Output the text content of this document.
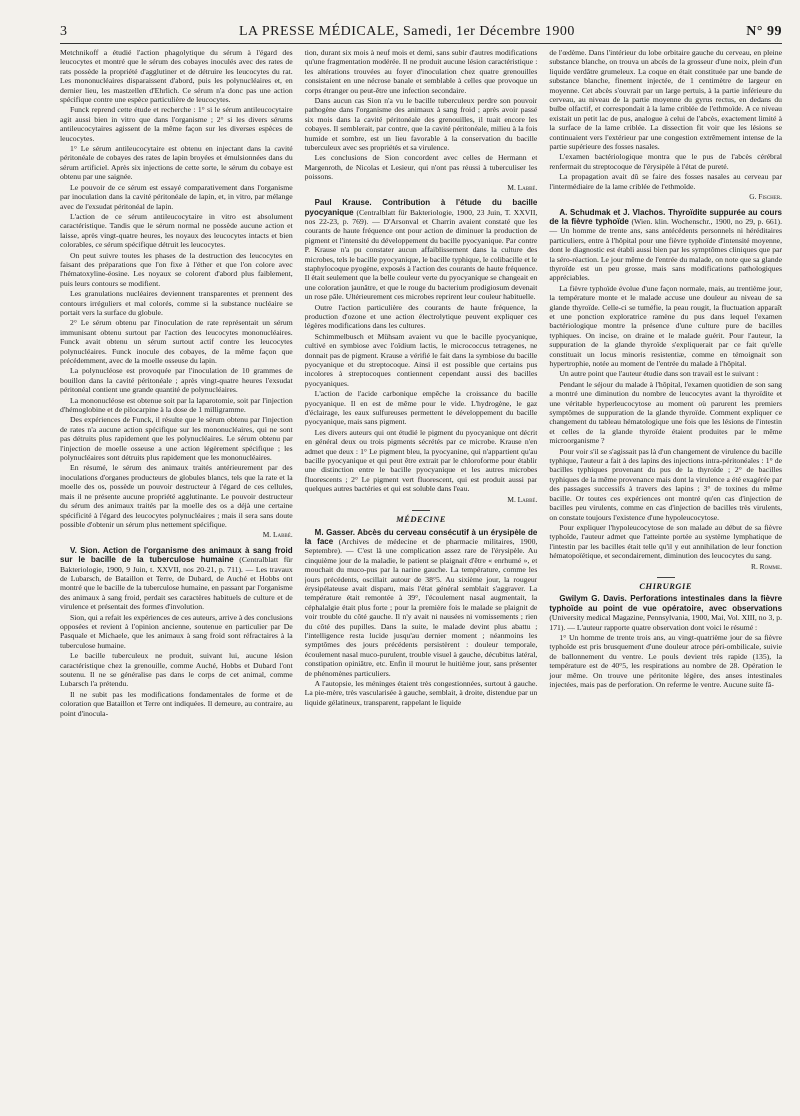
3	LA PRESSE MÉDICALE, Samedi, 1er Décembre 1900	N° 99

Metchnikoff a étudié l'action phagolytique du sérum à l'égard des leucocytes et montré que le sérum des cobayes inoculés avec des rates de rats possède la propriété d'agglutiner et de détruire les leucocytes du rat. Les mononucléaires disparaissent d'abord, puis les polynucléaires et, en dernier lieu, les mastzellen d'Ehrlich. Ce sérum n'a donc pas une action spécifique contre une espèce particulière de leucocytes.

Funck reprend cette étude et recherche : 1° si le sérum antileucocytaire agit aussi bien in vitro que dans l'organisme ; 2° si les divers sérums antileucocytaires agissent de la même façon sur les diverses espèces de leucocytes.

1° Le sérum antileucocytaire est obtenu en injectant dans la cavité péritonéale de cobayes des rates de lapin broyées et émulsionnées dans du sérum artificiel. Après six injections de cette sorte, le sérum du cobaye est obtenu par une saignée.

Le pouvoir de ce sérum est essayé comparativement dans l'organisme par inoculation dans la cavité péritonéale de lapin, et, in vitro, par mélange avec de l'exsudat péritonéal de lapin.

L'action de ce sérum antileucocytaire in vitro est absolument caractéristique. Tandis que le sérum normal ne possède aucune action et laisse, après vingt-quatre heures, les noyaux des leucocytes intacts et bien colorables, ce sérum spécifique détruit les leucocytes.

On peut suivre toutes les phases de la destruction des leucocytes en faisant des préparations que l'on fixe à l'éther et que l'on colore avec l'hématoxyline-éosine. Les noyaux se colorent d'abord plus faiblement, puis leurs contours se modifient.

Les granulations nucléaires deviennent transparentes et prennent des contours irréguliers et mal colorés, comme si la substance nucléaire se portait vers la surface du globule.

2° Le sérum obtenu par l'inoculation de rate représentait un sérum immunisant obtenu surtout par l'action des leucocytes mononucléaires. Funck avait obtenu un sérum surtout actif contre les leucocytes polynucléaires. Funck inocule des cobayes, de la même façon que précédemment, avec de la moelle osseuse du lapin.

La polynucléose est provoquée par l'inoculation de 10 grammes de bouillon dans la cavité péritonéale ; après vingt-quatre heures l'exsudat péritonéal contient une grande quantité de polynucléaires.

La mononucléose est obtenue soit par la laparotomie, soit par l'injection d'hémoglobine et de pilocarpine à la dose de 1 milligramme.

Des expériences de Funck, il résulte que le sérum obtenu par l'injection de rates n'a aucune action spécifique sur les mononucléaires, qui ne sont pas détruits plus rapidement que les polynucléaires. Le sérum obtenu par l'injection de moelle osseuse a une action légèrement spécifique ; les polynucléaires sont détruits plus rapidement que les mononucléaires.

En résumé, le sérum des animaux traités antérieurement par des inoculations d'organes producteurs de globules blancs, tels que la rate et la moelle des os, possède un pouvoir destructeur à l'égard de ces cellules, mais il ne présente aucune propriété agglutinante. Le pouvoir destructeur du sérum des animaux traités par la moelle des os a déjà une certaine spécificité à l'égard des leucocytes polynucléaires ; mais il sera sans doute possible d'obtenir un sérum plus nettement spécifique.

M. Labbé.

V. Sion. Action de l'organisme des animaux à sang froid sur le bacille de la tuberculose humaine (Centralblatt für Bakteriologie, 1900, 9 Juin, t. XXVII, nos 20-21, p. 711). — Les travaux de Lubarsch, de Bataillon et Terre, de Dubard, de Auché et Hobbs ont montré que le bacille de la tuberculose humaine, en passant par l'organisme des animaux à sang froid, perdait ses caractères habituels de culture et de virulence et présentait des formes d'involution.

Sion, qui a refait les expériences de ces auteurs, arrive à des conclusions opposées et revient à l'opinion ancienne, soutenue en particulier par De Pasquale et Michaele, que les animaux à sang froid sont réfractaires à la tuberculose humaine.

Le bacille tuberculeux ne produit, suivant lui, aucune lésion caractéristique chez la grenouille, comme Auché, Hobbs et Dubard l'ont soutenu. Il ne se généralise pas dans le corps de cet animal, comme Lubarsch l'a prétendu.

Il ne subit pas les modifications fondamentales de forme et de coloration que Bataillon et Terre ont indiquées. Il demeure, au contraire, au point d'inocula-

tion, durant six mois à neuf mois et demi, sans subir d'autres modifications qu'une fragmentation modérée. Il ne produit aucune lésion caractéristique : les altérations trouvées au foyer d'inoculation chez quatre grenouilles consistaient en une nécrose banale et semblable à celles que provoque un corps étranger ou peut-être une infection secondaire.

Dans aucun cas Sion n'a vu le bacille tuberculeux perdre son pouvoir pathogène dans l'organisme des animaux à sang froid ; après avoir passé six mois dans la cavité péritonéale des grenouilles, il tuait encore les cobayes. Il semblerait, par contre, que la cavité péritonéale, milieu à la fois humide et sombre, est un lieu favorable à la conservation du bacille tuberculeux avec ses propriétés et sa virulence.

Les conclusions de Sion concordent avec celles de Hermann et Margenroth, de Nicolas et Lesieur, qui n'ont pas réussi à tuberculiser les poissons.

M. Labbé.

Paul Krause. Contribution à l'étude du bacille pyocyanique (Centralblatt für Bakteriologie, 1900, 23 Juin, T. XXVII, nos 22-23, p. 769). — D'Arsonval et Charrin avaient constaté que les courants de haute fréquence ont pour action de diminuer la production de pigment et l'intensité du développement du bacille pyocyanique. Par contre P. Krause n'a pu constater aucun affaiblissement dans la culture des microbes, tels le bacille pyocyanique, le bacille typhique, le colibacille et le staphylocoque pyogène, exposés à l'action des courants de haute fréquence. Il était seulement que la belle couleur verte du pyocyanique se changeait en une coloration jaunâtre, et que le rouge du bacterium prodigiosum devenait un rose pâle. Ultérieurement ces microbes reprirent leur couleur habituelle.

Outre l'action particulière des courants de haute fréquence, la production d'ozone et une action électrolytique peuvent expliquer ces légères modifications dans les cultures.

Schimmelbusch et Mühsam avaient vu que le bacille pyocyanique, cultivé en symbiose avec l'oïdium lactis, le micrococcus tetragenes, ne donnait pas de pigment. Krause a vérifié le fait dans la symbiose du bacille pyocyanique et du streptocoque. Ainsi il est possible que certains pus incolores à streptocoques contiennent cependant aussi des bacilles pyocyaniques.

L'action de l'acide carbonique empêche la croissance du bacille pyocyanique. Il en est de même pour le vide. L'hydrogène, le gaz d'éclairage, les eaux sulfureuses permettent le développement du bacille pyocyanique, mais sans pigment.

Les divers auteurs qui ont étudié le pigment du pyocyanique ont décrit en général deux ou trois pigments sécrétés par ce microbe. Krause n'en admet que deux : 1° Le pigment bleu, la pyocyanine, qui n'appartient qu'au bacille pyocyanique et qui peut être extrait par le chloroforme pour établir une distinction entre le bacille pyocyanique et les autres microbes fluorescents ; 2° Le pigment vert fluorescent, qui est produit aussi par quelques autres bactéries et qui est soluble dans l'eau.

M. Labbé.
MÉDECINE

M. Gasser. Abcès du cerveau consécutif à un érysipèle de la face (Archives de médecine et de pharmacie militaires, 1900, Septembre). — C'est là une complication assez rare de l'érysipèle. Au cinquième jour de la maladie, le patient se plaignait d'être « enrhumé », et mouchait du muco-pus par la narine gauche. La température, comme les jours précédents, oscillait autour de 38°5. Au sixième jour, la rougeur érysipélateuse avait disparu, mais l'état général semblait s'aggraver. La température était remontée à 39°, l'écoulement nasal augmentait, la céphalalgie était plus forte ; pour la première fois le malade se plaignit de voir trouble du côté gauche. Il n'y avait ni nausées ni vomissements ; rien du côté des pupilles. Dans la suite, le malade devint plus abattu ; l'intelligence resta lucide jusqu'au dernier moment ; néanmoins les symptômes des jours précédents persistèrent : douleur temporale, écoulement nasal muco-purulent, trouble visuel à gauche, décubitus latéral, constipation opiniâtre, etc. Enfin il mourut le huitième jour, sans présenter de phénomènes particuliers.

A l'autopsie, les méninges étaient très congestionnées, surtout à gauche. La pie-mère, très vascularisée à gauche, semblait, à droite, distendue par un liquide gélatineux, transparent, rappelant le liquide

de l'œdème. Dans l'intérieur du lobe orbitaire gauche du cerveau, en pleine substance blanche, on trouva un abcès de la grosseur d'une noix, plein d'un liquide verdâtre grumeleux. La coque en était constituée par une bande de substance blanche, finement injectée, de 1 centimètre de largeur en moyenne. Cet abcès s'ouvrait par un large pertuis, à la partie inférieure du cerveau, au niveau de la partie moyenne du gyrus rectus, en dedans du bulbe olfactif, et correspondait à la lame criblée de l'ethmoïde. A ce niveau existait un petit lac de pus, analogue à celui de l'abcès, exactement limité à la surface de la lame criblée. La dissection fit voir que les lésions se continuaient vers l'extérieur par une congestion extrêmement intense de la partie supérieure des fosses nasales.

L'examen bactériologique montra que le pus de l'abcès cérébral renfermait du streptocoque de l'érysipèle à l'état de pureté.

La propagation avait dû se faire des fosses nasales au cerveau par l'intermédiaire de la lame criblée de l'ethmoïde.

G. Fischer.

A. Schudmak et J. Vlachos. Thyroïdite suppurée au cours de la fièvre typhoïde (Wien. klin. Wochenschr., 1900, no 29, p. 661). — Un homme de trente ans, sans antécédents personnels ni héréditaires particuliers, entre à l'hôpital pour une fièvre typhoïde d'intensité moyenne, dont le diagnostic est établi aussi bien par les symptômes cliniques que par la séro-réaction. Le jour même de l'entrée du malade, on note que sa glande thyroïde est un peu grosse, mais sans modifications pathologiques appréciables.

La fièvre typhoïde évolue d'une façon normale, mais, au trentième jour, la température monte et le malade accuse une douleur au niveau de sa glande thyroïde. Celle-ci se tuméfie, la peau rougit, la fluctuation apparaît et une ponction exploratrice ramène du pus dans lequel l'examen bactériologique montre la présence d'une culture pure de bacilles typhiques. On incise, on draine et le malade guérit. Pour l'auteur, la suppuration de la glande thyroïde s'expliquerait par ce fait qu'elle constituait un locus minoris resistentiæ, comme en témoignait son hypertrophie, notée au moment de l'entrée du malade à l'hôpital.

Un autre point que l'auteur étudie dans son travail est le suivant :

Pendant le séjour du malade à l'hôpital, l'examen quotidien de son sang a montré une diminution du nombre de leucocytes avant la thyroïdite et une véritable hyperleucocytose au moment où parurent les premiers symptômes de suppuration de la glande thyroïde. Comment expliquer ce changement du tableau hématologique une fois que les lésions de l'intestin et celles de la glande thyroïde étaient produites par le même microorganisme ?

Pour voir s'il se s'agissait pas là d'un changement de virulence du bacille typhique, l'auteur a fait à des lapins des injections intra-péritonéales : 1° de bacilles typhiques provenant du pus de la thyroïde ; 2° de bacilles typhiques de la même provenance mais dont la virulence a été exagérée par des passages successifs à travers des lapins ; 3° de toxines du même bacille. Or toutes ces expériences ont montré qu'en cas d'injection de bacilles peu virulents, comme en cas d'injection de bacilles très virulents, on constate toujours l'existence d'une hypoleucocytose.

Pour expliquer l'hypoleucocytose de son malade au début de sa fièvre typhoïde, l'auteur admet que l'atteinte portée au système lymphatique de l'intestin par les bacilles était telle qu'il y eut annihilation de leur fonction hématopoïétique, et secondairement, diminution des leucocytes du sang.

R. Romme.
CHIRURGIE

Gwilym G. Davis. Perforations intestinales dans la fièvre typhoïde au point de vue opératoire, avec observations (University medical Magazine, Pennsylvania, 1900, Mai, Vol. XIII, no 3, p. 171). — L'auteur rapporte quatre observation dont voici le résumé :

1° Un homme de trente trois ans, au vingt-quatrième jour de sa fièvre typhoïde est pris brusquement d'une douleur atroce péri-ombilicale, suivie de ballonnement du ventre. Le pouls devient très rapide (135), la température est de 40°5, les respirations au nombre de 28. Opération le jour même. On trouve une péritonite légère, des anses intestinales injectées, mais pas de perforation. On referme le ventre. Aucune suite fâ-
